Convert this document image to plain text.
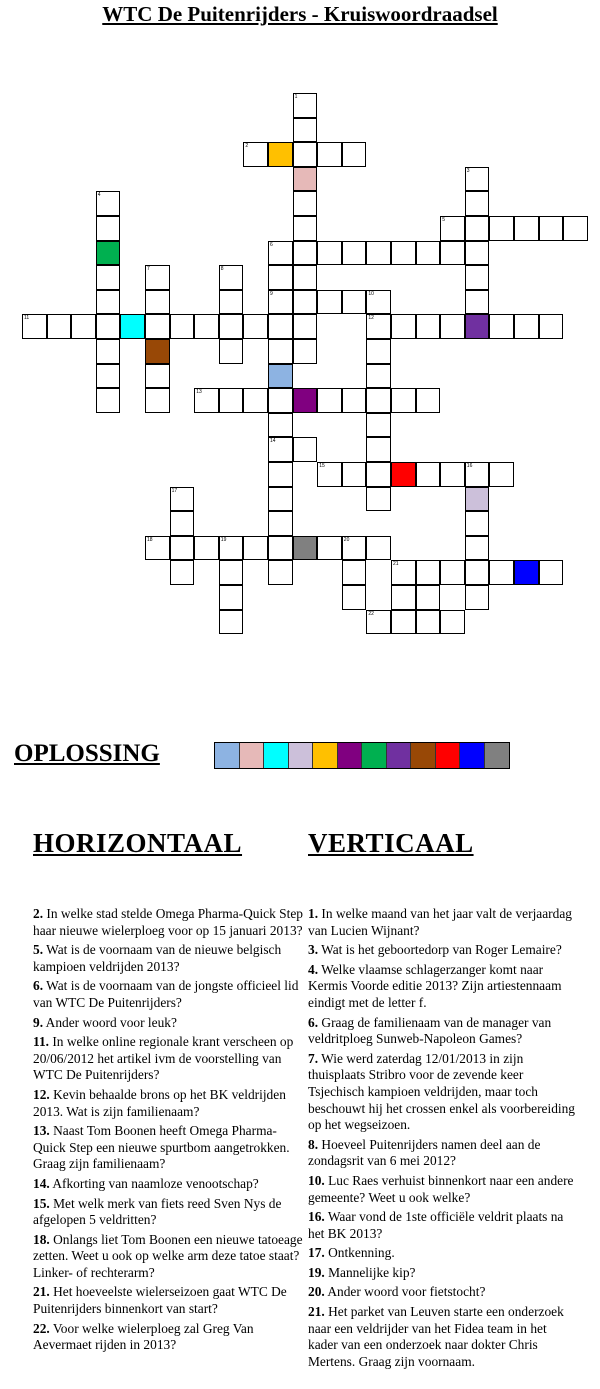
WTC De Puitenrijders - Kruiswoordraadsel
2
5
6
9
11	12
13
14
15	16
18	19	20
21
22
1
3
4
7	8
10
17
OPLOSSING
HORIZONTAAL VERTICAAL

2. In welke stad stelde Omega Pharma-Quick Step haar nieuwe wielerploeg voor op 15 januari 2013?

5. Wat is de voornaam van de nieuwe belgisch kampioen veldrijden 2013?

6. Wat is de voornaam van de jongste officieel lid van WTC De Puitenrijders?

9. Ander woord voor leuk?

11. In welke online regionale krant verscheen op 20/06/2012 het artikel ivm de voorstelling van WTC De Puitenrijders?

12. Kevin behaalde brons op het BK veldrijden 2013. Wat is zijn familienaam?

13. Naast Tom Boonen heeft Omega Pharma-Quick Step een nieuwe spurtbom aangetrokken. Graag zijn familienaam?

14. Afkorting van naamloze venootschap?

15. Met welk merk van fiets reed Sven Nys de afgelopen 5 veldritten?

18. Onlangs liet Tom Boonen een nieuwe tatoeage zetten. Weet u ook op welke arm deze tatoe staat? Linker- of rechterarm?

21. Het hoeveelste wielerseizoen gaat WTC De Puitenrijders binnenkort van start?

22. Voor welke wielerploeg zal Greg Van Aevermaet rijden in 2013?

1. In welke maand van het jaar valt de verjaardag van Lucien Wijnant?

3. Wat is het geboortedorp van Roger Lemaire?

4. Welke vlaamse schlagerzanger komt naar Kermis Voorde editie 2013? Zijn artiestennaam eindigt met de letter f.

6. Graag de familienaam van de manager van veldritploeg Sunweb-Napoleon Games?

7. Wie werd zaterdag 12/01/2013 in zijn thuisplaats Stribro voor de zevende keer Tsjechisch kampioen veldrijden, maar toch beschouwt hij het crossen enkel als voorbereiding op het wegseizoen.

8. Hoeveel Puitenrijders namen deel aan de zondagsrit van 6 mei 2012?

10. Luc Raes verhuist binnenkort naar een andere gemeente? Weet u ook welke?

16. Waar vond de 1ste officiële veldrit plaats na het BK 2013?

17. Ontkenning.

19. Mannelijke kip?

20. Ander woord voor fietstocht?

21. Het parket van Leuven starte een onderzoek naar een veldrijder van het Fidea team in het kader van een onderzoek naar dokter Chris Mertens. Graag zijn voornaam.
